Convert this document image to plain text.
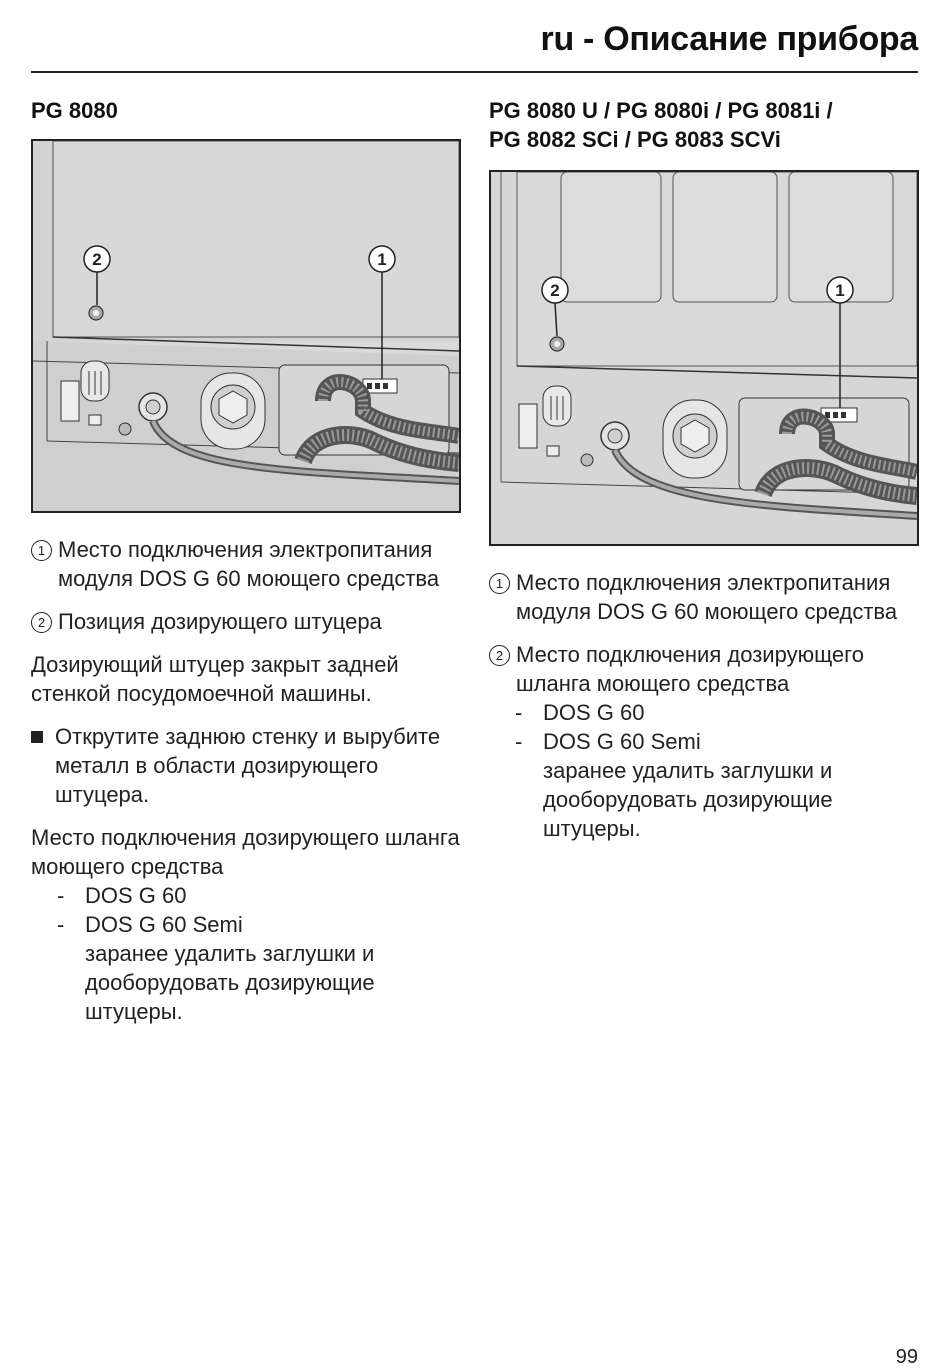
ru - Описание прибора
PG 8080
2	1
1 Место подключения электропитания модуля DOS G 60 моющего средства
2 Позиция дозирующего штуцера

Дозирующий штуцер закрыт задней стенкой посудомоечной машины.

Открутите заднюю стенку и вырубите металл в области дозирующего штуцера.
Место подключения дозирующего шланга моющего средства
- DOS G 60
- DOS G 60 Semi
заранее удалить заглушки и дооборудовать дозирующие штуцеры.
PG 8080 U / PG 8080i / PG 8081i /
PG 8082 SCi / PG 8083 SCVi
2	1
1 Место подключения электропитания модуля DOS G 60 моющего средства
2 Место подключения дозирующего шланга моющего средства
- DOS G 60
- DOS G 60 Semi
заранее удалить заглушки и дооборудовать дозирующие штуцеры.
99
